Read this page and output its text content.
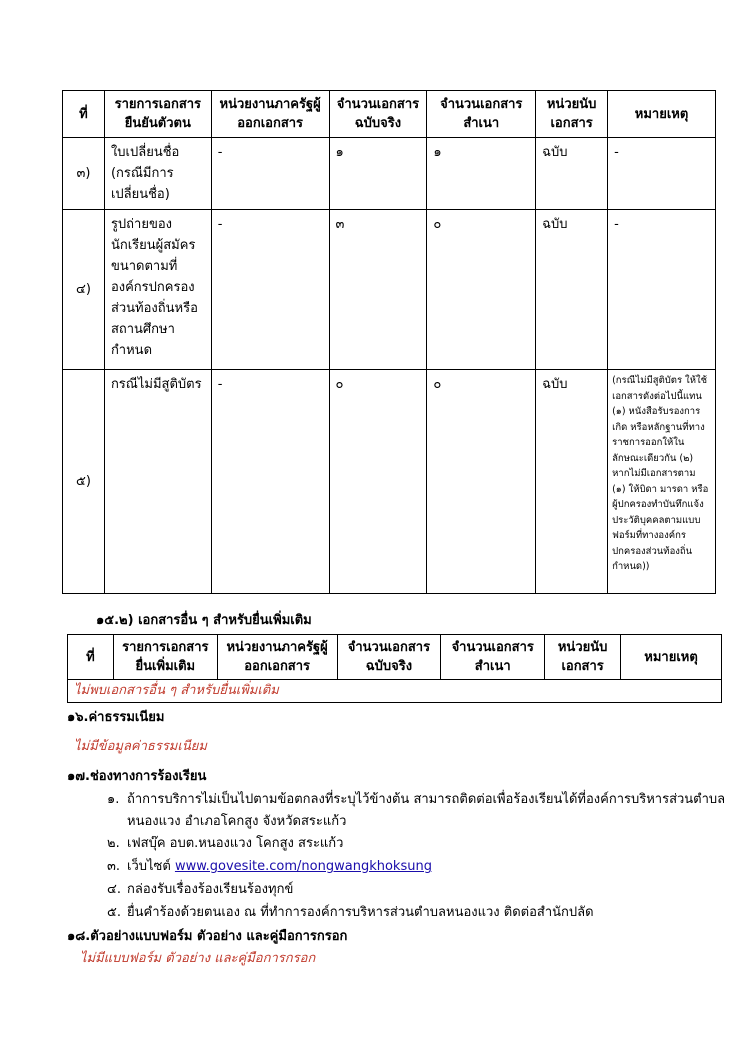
ที่	รายการเอกสารยืนยันตัวตน	หน่วยงานภาครัฐผู้ออกเอกสาร	จำนวนเอกสารฉบับจริง	จำนวนเอกสารสำเนา	หน่วยนับเอกสาร	หมายเหตุ
๓)	ใบเปลี่ยนชื่อ (กรณีมีการเปลี่ยนชื่อ)	-	๑	๑	ฉบับ	-
๔)	รูปถ่ายของนักเรียนผู้สมัครขนาดตามที่องค์กรปกครองส่วนท้องถิ่นหรือสถานศึกษากำหนด	-	๓	๐	ฉบับ	-
๕)	กรณีไม่มีสูติบัตร	-	๐	๐	ฉบับ	(กรณีไม่มีสูติบัตร ให้ใช้เอกสารดังต่อไปนี้แทน (๑) หนังสือรับรองการเกิด หรือหลักฐานที่ทางราชการออกให้ในลักษณะเดียวกัน (๒) หากไม่มีเอกสารตาม (๑) ให้บิดา มารดา หรือผู้ปกครองทำบันทึกแจ้งประวัติบุคคลตามแบบฟอร์มที่ทางองค์กรปกครองส่วนท้องถิ่นกำหนด))
๑๕.๒) เอกสารอื่น ๆ สำหรับยื่นเพิ่มเติม
ที่	รายการเอกสารยื่นเพิ่มเติม	หน่วยงานภาครัฐผู้ออกเอกสาร	จำนวนเอกสารฉบับจริง	จำนวนเอกสารสำเนา	หน่วยนับเอกสาร	หมายเหตุ
ไม่พบเอกสารอื่น ๆ สำหรับยื่นเพิ่มเติม
๑๖.ค่าธรรมเนียม
ไม่มีข้อมูลค่าธรรมเนียม
๑๗.ช่องทางการร้องเรียน
๑. ถ้าการบริการไม่เป็นไปตามข้อตกลงที่ระบุไว้ข้างต้น สามารถติดต่อเพื่อร้องเรียนได้ที่องค์การบริหารส่วนตำบล
หนองแวง อำเภอโคกสูง จังหวัดสระแก้ว
๒. เฟสบุ๊ค อบต.หนองแวง โคกสูง สระแก้ว
๓. เว็บไซต์ www.govesite.com/nongwangkhoksung
๔. กล่องรับเรื่องร้องเรียนร้องทุกข์
๕. ยื่นคำร้องด้วยตนเอง ณ ที่ทำการองค์การบริหารส่วนตำบลหนองแวง ติดต่อสำนักปลัด
๑๘.ตัวอย่างแบบฟอร์ม ตัวอย่าง และคู่มือการกรอก
ไม่มีแบบฟอร์ม ตัวอย่าง และคู่มือการกรอก
